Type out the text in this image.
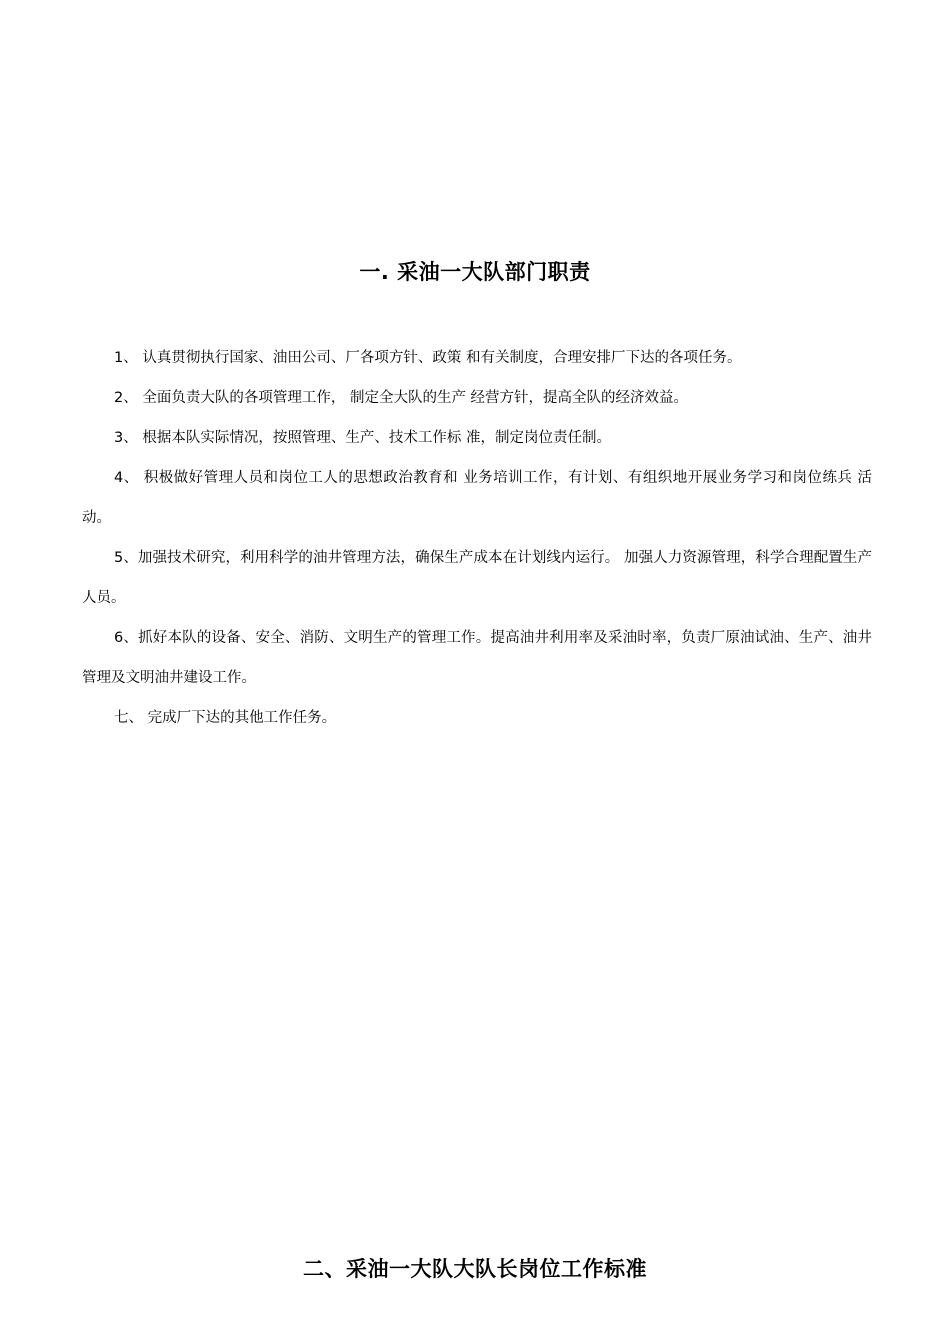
一. 采油一大队部门职责

1、 认真贯彻执行国家、油田公司、厂各项方针、政策 和有关制度，合理安排厂下达的各项任务。

2、 全面负责大队的各项管理工作， 制定全大队的生产 经营方针，提高全队的经济效益。

3、 根据本队实际情况，按照管理、生产、技术工作标 准，制定岗位责任制。

4、 积极做好管理人员和岗位工人的思想政治教育和 业务培训工作，有计划、有组织地开展业务学习和岗位练兵 活动。

5、加强技术研究，利用科学的油井管理方法，确保生产成本在计划线内运行。 加强人力资源管理，科学合理配置生产人员。

6、抓好本队的设备、安全、消防、文明生产的管理工作。提高油井利用率及采油时率，负责厂原油试油、生产、油井管理及文明油井建设工作。

七、 完成厂下达的其他工作任务。

二、采油一大队大队长岗位工作标准
